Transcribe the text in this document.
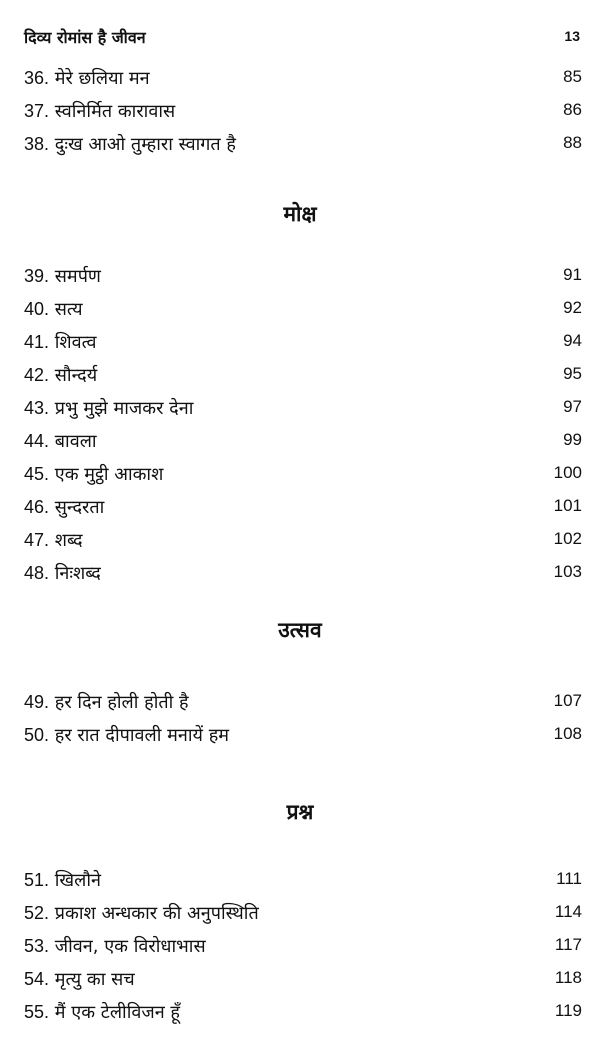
दिव्य रोमांस है जीवन	13
36. मेरे छलिया मन	85
37. स्वनिर्मित कारावास	86
38. दुःख आओ तुम्हारा स्वागत है	88
39. समर्पण	91
40. सत्य	92
41. शिवत्व	94
42. सौन्दर्य	95
43. प्रभु मुझे माजकर देना	97
44. बावला	99
45. एक मुट्ठी आकाश	100
46. सुन्दरता	101
47. शब्द	102
48. निःशब्द	103
49. हर दिन होली होती है	107
50. हर रात दीपावली मनायें हम	108
51. खिलौने	111
52. प्रकाश अन्धकार की अनुपस्थिति	114
53. जीवन, एक विरोधाभास	117
54. मृत्यु का सच	118
55. मैं एक टेलीविजन हूँ	119
मोक्ष
उत्सव
प्रश्न
